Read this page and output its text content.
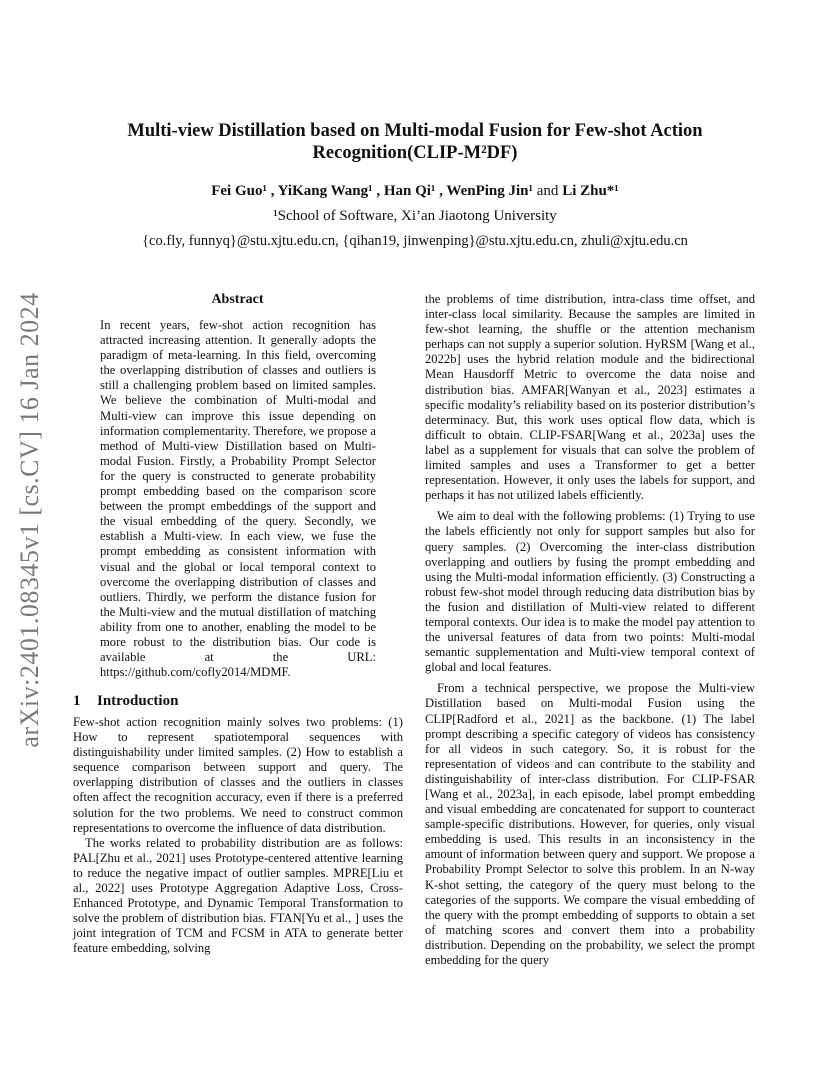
arXiv:2401.08345v1 [cs.CV] 16 Jan 2024
Multi-view Distillation based on Multi-modal Fusion for Few-shot Action
Recognition(CLIP-M²DF)
Fei Guo¹ , YiKang Wang¹ , Han Qi¹ , WenPing Jin¹ and Li Zhu*¹
¹School of Software, Xi’an Jiaotong University
{co.fly, funnyq}@stu.xjtu.edu.cn, {qihan19, jinwenping}@stu.xjtu.edu.cn, zhuli@xjtu.edu.cn
Abstract
In recent years, few-shot action recognition has attracted increasing attention. It generally adopts the paradigm of meta-learning. In this field, overcoming the overlapping distribution of classes and outliers is still a challenging problem based on limited samples. We believe the combination of Multi-modal and Multi-view can improve this issue depending on information complementarity. Therefore, we propose a method of Multi-view Distillation based on Multi-modal Fusion. Firstly, a Probability Prompt Selector for the query is constructed to generate probability prompt embedding based on the comparison score between the prompt embeddings of the support and the visual embedding of the query. Secondly, we establish a Multi-view. In each view, we fuse the prompt embedding as consistent information with visual and the global or local temporal context to overcome the overlapping distribution of classes and outliers. Thirdly, we perform the distance fusion for the Multi-view and the mutual distillation of matching ability from one to another, enabling the model to be more robust to the distribution bias. Our code is available at the URL: https://github.com/cofly2014/MDMF.
1 Introduction

Few-shot action recognition mainly solves two problems: (1) How to represent spatiotemporal sequences with distinguishability under limited samples. (2) How to establish a sequence comparison between support and query. The overlapping distribution of classes and the outliers in classes often affect the recognition accuracy, even if there is a preferred solution for the two problems. We need to construct common representations to overcome the influence of data distribution.

The works related to probability distribution are as follows: PAL[Zhu et al., 2021] uses Prototype-centered attentive learning to reduce the negative impact of outlier samples. MPRE[Liu et al., 2022] uses Prototype Aggregation Adaptive Loss, Cross-Enhanced Prototype, and Dynamic Temporal Transformation to solve the problem of distribution bias. FTAN[Yu et al., ] uses the joint integration of TCM and FCSM in ATA to generate better feature embedding, solving

the problems of time distribution, intra-class time offset, and inter-class local similarity. Because the samples are limited in few-shot learning, the shuffle or the attention mechanism perhaps can not supply a superior solution. HyRSM [Wang et al., 2022b] uses the hybrid relation module and the bidirectional Mean Hausdorff Metric to overcome the data noise and distribution bias. AMFAR[Wanyan et al., 2023] estimates a specific modality’s reliability based on its posterior distribution’s determinacy. But, this work uses optical flow data, which is difficult to obtain. CLIP-FSAR[Wang et al., 2023a] uses the label as a supplement for visuals that can solve the problem of limited samples and uses a Transformer to get a better representation. However, it only uses the labels for support, and perhaps it has not utilized labels efficiently.

We aim to deal with the following problems: (1) Trying to use the labels efficiently not only for support samples but also for query samples. (2) Overcoming the inter-class distribution overlapping and outliers by fusing the prompt embedding and using the Multi-modal information efficiently. (3) Constructing a robust few-shot model through reducing data distribution bias by the fusion and distillation of Multi-view related to different temporal contexts. Our idea is to make the model pay attention to the universal features of data from two points: Multi-modal semantic supplementation and Multi-view temporal context of global and local features.

From a technical perspective, we propose the Multi-view Distillation based on Multi-modal Fusion using the CLIP[Radford et al., 2021] as the backbone. (1) The label prompt describing a specific category of videos has consistency for all videos in such category. So, it is robust for the representation of videos and can contribute to the stability and distinguishability of inter-class distribution. For CLIP-FSAR [Wang et al., 2023a], in each episode, label prompt embedding and visual embedding are concatenated for support to counteract sample-specific distributions. However, for queries, only visual embedding is used. This results in an inconsistency in the amount of information between query and support. We propose a Probability Prompt Selector to solve this problem. In an N-way K-shot setting, the category of the query must belong to the categories of the supports. We compare the visual embedding of the query with the prompt embedding of supports to obtain a set of matching scores and convert them into a probability distribution. Depending on the probability, we select the prompt embedding for the query
